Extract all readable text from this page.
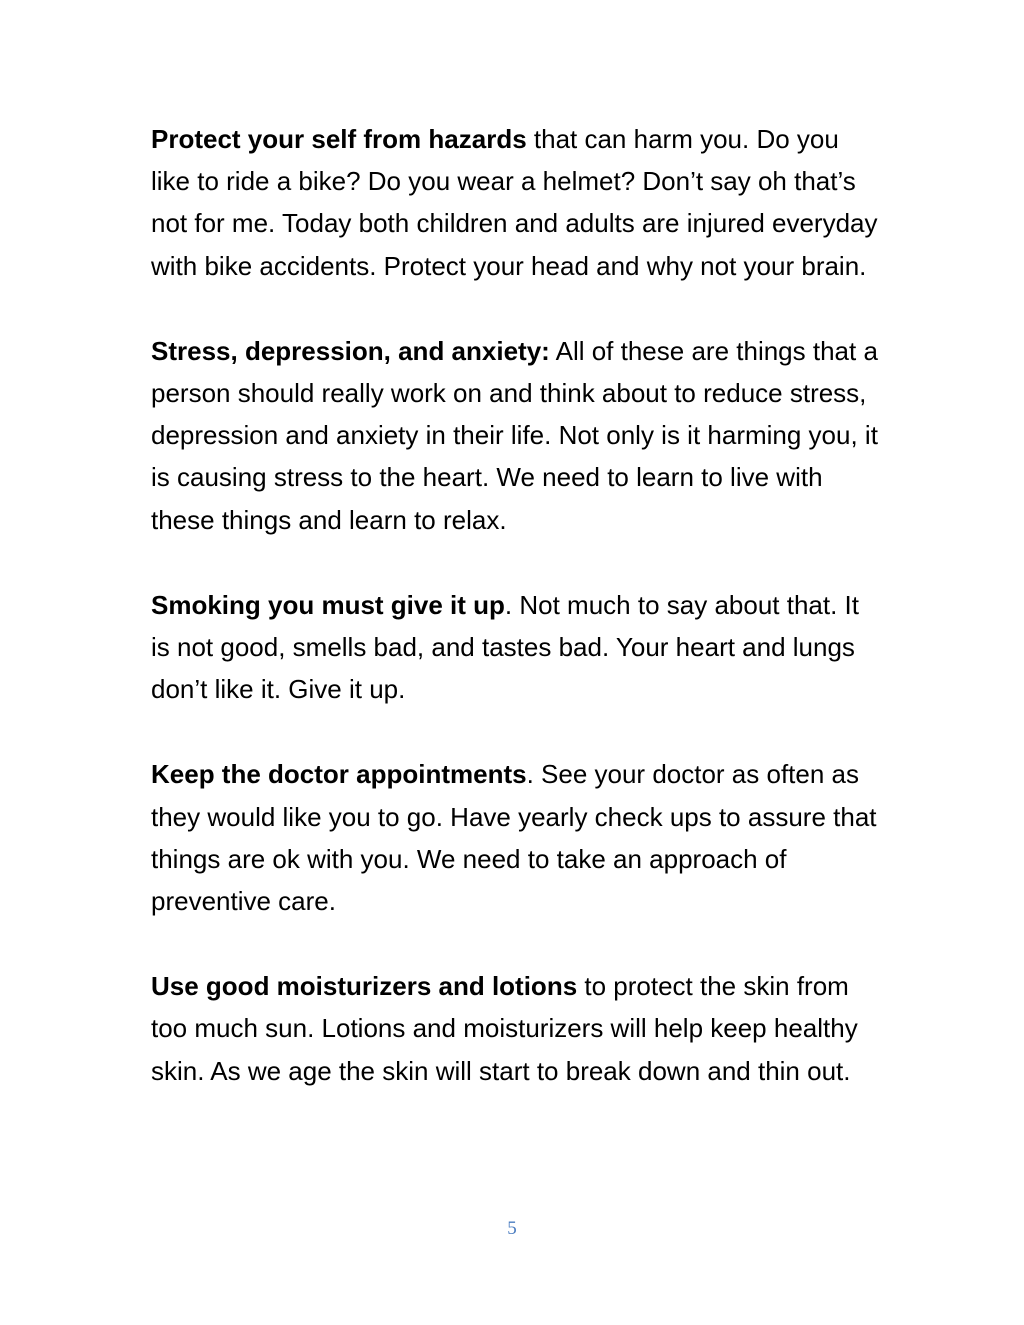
Protect your self from hazards that can harm you. Do you like to ride a bike? Do you wear a helmet? Don’t say oh that’s not for me. Today both children and adults are injured everyday with bike accidents. Protect your head and why not your brain.

Stress, depression, and anxiety: All of these are things that a person should really work on and think about to reduce stress, depression and anxiety in their life. Not only is it harming you, it is causing stress to the heart. We need to learn to live with these things and learn to relax.

Smoking you must give it up. Not much to say about that. It is not good, smells bad, and tastes bad. Your heart and lungs don’t like it. Give it up.

Keep the doctor appointments. See your doctor as often as they would like you to go. Have yearly check ups to assure that things are ok with you. We need to take an approach of preventive care.

Use good moisturizers and lotions to protect the skin from too much sun. Lotions and moisturizers will help keep healthy skin. As we age the skin will start to break down and thin out.

5
